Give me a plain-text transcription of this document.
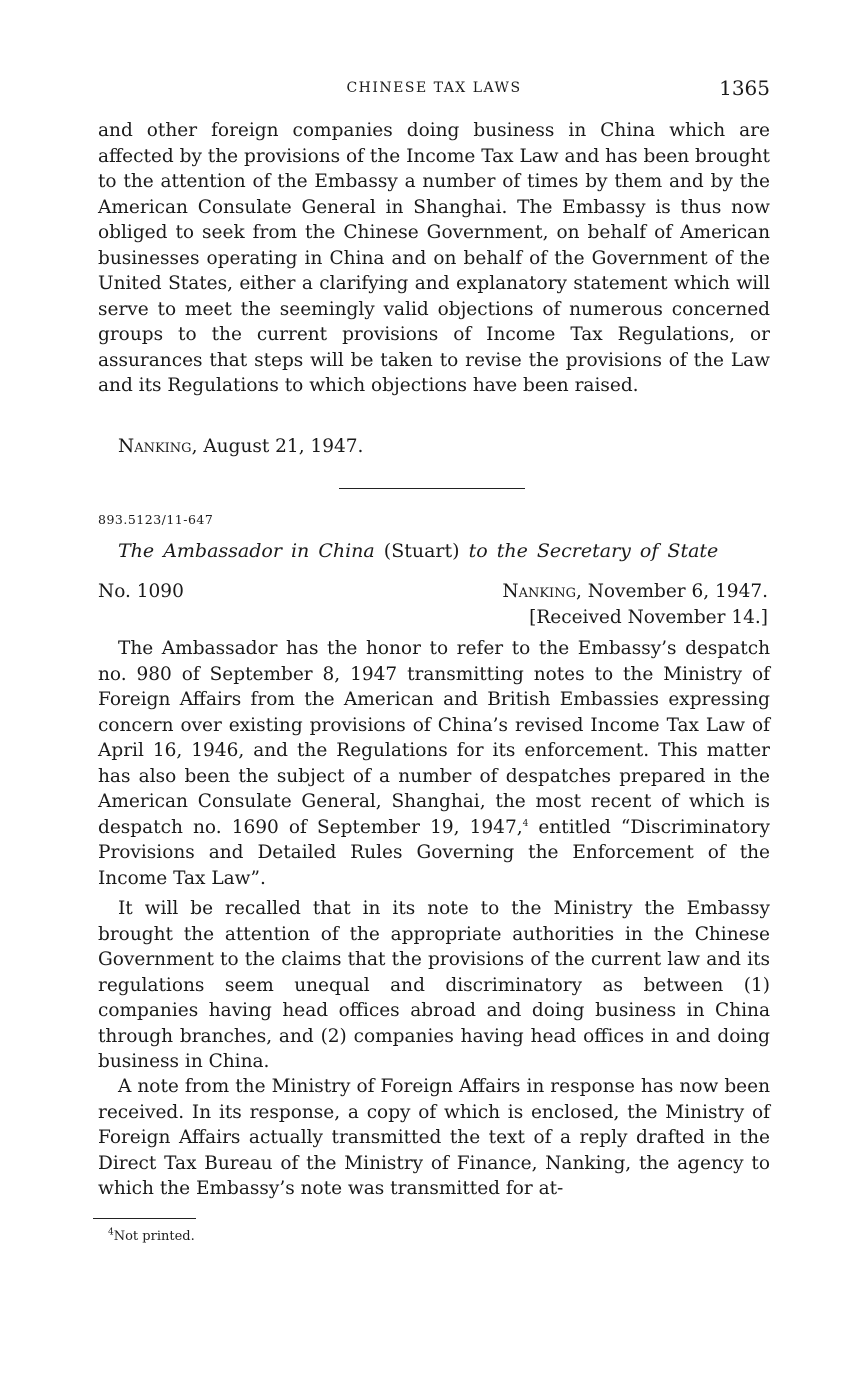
CHINESE TAX LAWS	1365

and other foreign companies doing business in China which are affected by the provisions of the Income Tax Law and has been brought to the attention of the Embassy a number of times by them and by the American Consulate General in Shanghai. The Embassy is thus now obliged to seek from the Chinese Government, on behalf of American businesses operating in China and on behalf of the Government of the United States, either a clarifying and explanatory statement which will serve to meet the seemingly valid objections of numerous concerned groups to the current provisions of Income Tax Regulations, or assurances that steps will be taken to revise the provisions of the Law and its Regulations to which objections have been raised.

Nanking, August 21, 1947.
893.5123/11-647
The Ambassador in China (Stuart) to the Secretary of State
No. 1090	Nanking, November 6, 1947.
[Received November 14.]

The Ambassador has the honor to refer to the Embassy’s despatch no. 980 of September 8, 1947 transmitting notes to the Ministry of Foreign Affairs from the American and British Embassies expressing concern over existing provisions of China’s revised Income Tax Law of April 16, 1946, and the Regulations for its enforcement. This matter has also been the subject of a number of despatches prepared in the American Consulate General, Shanghai, the most recent of which is despatch no. 1690 of September 19, 1947,$^4$ entitled “Discriminatory Provisions and Detailed Rules Governing the Enforcement of the Income Tax Law”.

It will be recalled that in its note to the Ministry the Embassy brought the attention of the appropriate authorities in the Chinese Government to the claims that the provisions of the current law and its regulations seem unequal and discriminatory as between (1) companies having head offices abroad and doing business in China through branches, and (2) companies having head offices in and doing business in China.

A note from the Ministry of Foreign Affairs in response has now been received. In its response, a copy of which is enclosed, the Ministry of Foreign Affairs actually transmitted the text of a reply drafted in the Direct Tax Bureau of the Ministry of Finance, Nanking, the agency to which the Embassy’s note was transmitted for at-

$^4$Not printed.
